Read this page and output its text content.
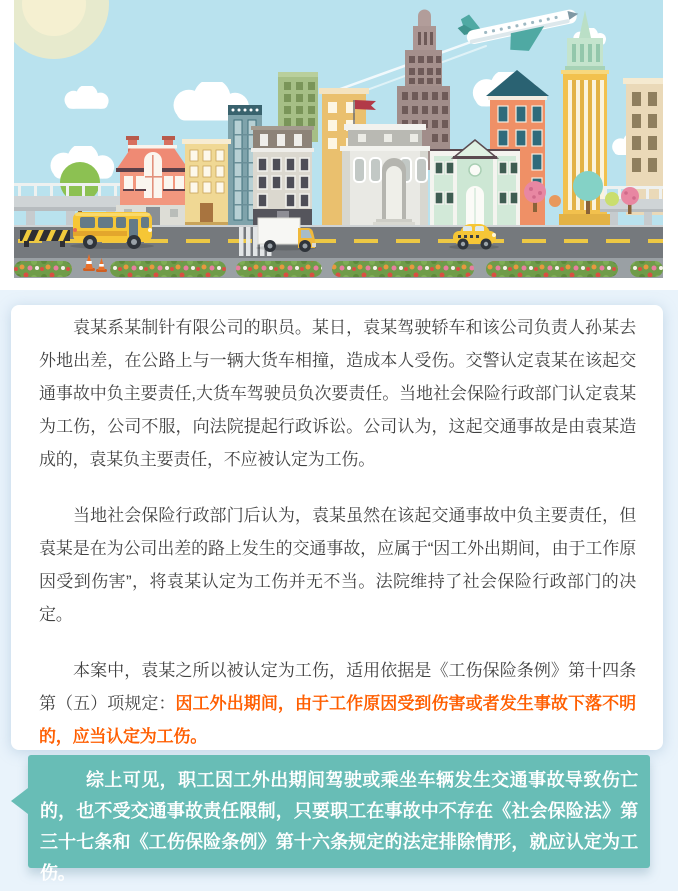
袁某系某制针有限公司的职员。某日，袁某驾驶轿车和该公司负责人孙某去外地出差，在公路上与一辆大货车相撞，造成本人受伤。交警认定袁某在该起交通事故中负主要责任,大货车驾驶员负次要责任。当地社会保险行政部门认定袁某为工伤，公司不服，向法院提起行政诉讼。公司认为，这起交通事故是由袁某造成的，袁某负主要责任，不应被认定为工伤。

当地社会保险行政部门后认为，袁某虽然在该起交通事故中负主要责任，但袁某是在为公司出差的路上发生的交通事故，应属于“因工外出期间，由于工作原因受到伤害”，将袁某认定为工伤并无不当。法院维持了社会保险行政部门的决定。

本案中，袁某之所以被认定为工伤，适用依据是《工伤保险条例》第十四条第（五）项规定：因工外出期间，由于工作原因受到伤害或者发生事故下落不明的，应当认定为工伤。

综上可见，职工因工外出期间驾驶或乘坐车辆发生交通事故导致伤亡的，也不受交通事故责任限制，只要职工在事故中不存在《社会保险法》第三十七条和《工伤保险条例》第十六条规定的法定排除情形，就应认定为工伤。
